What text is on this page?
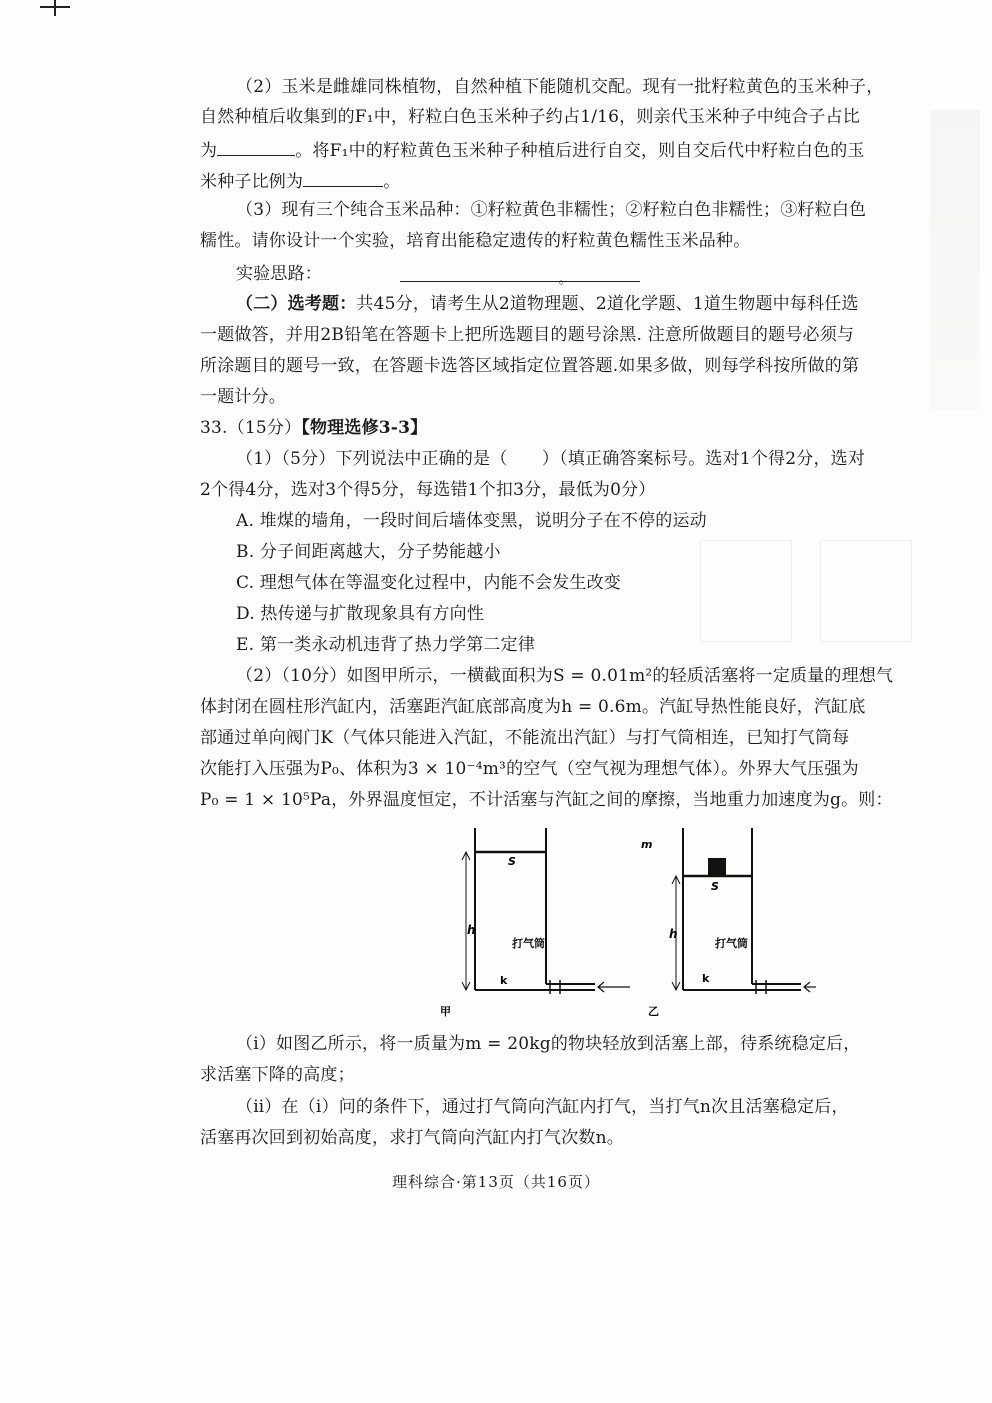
（2）玉米是雌雄同株植物，自然种植下能随机交配。现有一批籽粒黄色的玉米种子，
自然种植后收集到的F₁中，籽粒白色玉米种子约占1/16，则亲代玉米种子中纯合子占比
为	。将F₁中的籽粒黄色玉米种子种植后进行自交，则自交后代中籽粒白色的玉
米种子比例为	。
（3）现有三个纯合玉米品种：①籽粒黄色非糯性；②籽粒白色非糯性；③籽粒白色
糯性。请你设计一个实验，培育出能稳定遗传的籽粒黄色糯性玉米品种。
实验思路：	$_。$
（二）选考题：共45分，请考生从2道物理题、2道化学题、1道生物题中每科任选
一题做答，并用2B铅笔在答题卡上把所选题目的题号涂黑. 注意所做题目的题号必须与
所涂题目的题号一致，在答题卡选答区域指定位置答题.如果多做，则每学科按所做的第
一题计分。
33.（15分）【物理选修3-3】
（1）（5分）下列说法中正确的是（　　）（填正确答案标号。选对1个得2分，选对
2个得4分，选对3个得5分，每选错1个扣3分，最低为0分）
A. 堆煤的墙角，一段时间后墙体变黑，说明分子在不停的运动
B. 分子间距离越大，分子势能越小
C. 理想气体在等温变化过程中，内能不会发生改变
D. 热传递与扩散现象具有方向性
E. 第一类永动机违背了热力学第二定律
（2）（10分）如图甲所示，一横截面积为S = 0.01m²的轻质活塞将一定质量的理想气
体封闭在圆柱形汽缸内，活塞距汽缸底部高度为h = 0.6m。汽缸导热性能良好，汽缸底
部通过单向阀门K（气体只能进入汽缸，不能流出汽缸）与打气筒相连，已知打气筒每
次能打入压强为P₀、体积为3 × 10⁻⁴m³的空气（空气视为理想气体）。外界大气压强为
P₀ = 1 × 10⁵Pa，外界温度恒定，不计活塞与汽缸之间的摩擦，当地重力加速度为g。则：
S
h
打气筒
k
甲
m
S
h
打气筒
k
乙
（ⅰ）如图乙所示，将一质量为m = 20kg的物块轻放到活塞上部，待系统稳定后，
求活塞下降的高度；
（ⅱ）在（ⅰ）问的条件下，通过打气筒向汽缸内打气，当打气n次且活塞稳定后，
活塞再次回到初始高度，求打气筒向汽缸内打气次数n。
理科综合·第13页（共16页）
